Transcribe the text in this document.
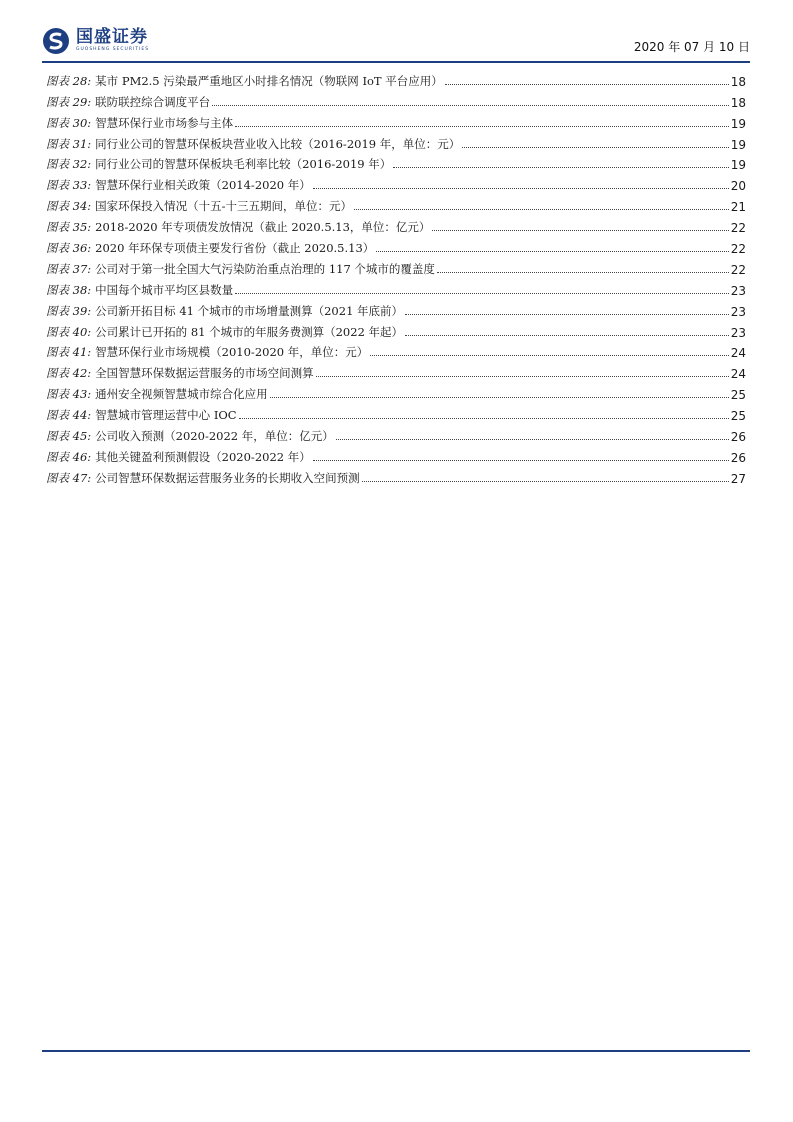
国盛证券
GUOSHENG SECURITIES	2020 年 07 月 10 日
图表 28: 某市 PM2.5 污染最严重地区小时排名情况（物联网 IoT 平台应用）	18
图表 29: 联防联控综合调度平台	18
图表 30: 智慧环保行业市场参与主体	19
图表 31: 同行业公司的智慧环保板块营业收入比较（2016-2019 年，单位：元）	19
图表 32: 同行业公司的智慧环保板块毛利率比较（2016-2019 年）	19
图表 33: 智慧环保行业相关政策（2014-2020 年）	20
图表 34: 国家环保投入情况（十五-十三五期间，单位：元）	21
图表 35: 2018-2020 年专项债发放情况（截止 2020.5.13，单位：亿元）	22
图表 36: 2020 年环保专项债主要发行省份（截止 2020.5.13）	22
图表 37: 公司对于第一批全国大气污染防治重点治理的 117 个城市的覆盖度	22
图表 38: 中国每个城市平均区县数量	23
图表 39: 公司新开拓目标 41 个城市的市场增量测算（2021 年底前）	23
图表 40: 公司累计已开拓的 81 个城市的年服务费测算（2022 年起）	23
图表 41: 智慧环保行业市场规模（2010-2020 年，单位：元）	24
图表 42: 全国智慧环保数据运营服务的市场空间测算	24
图表 43: 通州安全视频智慧城市综合化应用	25
图表 44: 智慧城市管理运营中心 IOC	25
图表 45: 公司收入预测（2020-2022 年，单位：亿元）	26
图表 46: 其他关键盈利预测假设（2020-2022 年）	26
图表 47: 公司智慧环保数据运营服务业务的长期收入空间预测	27
